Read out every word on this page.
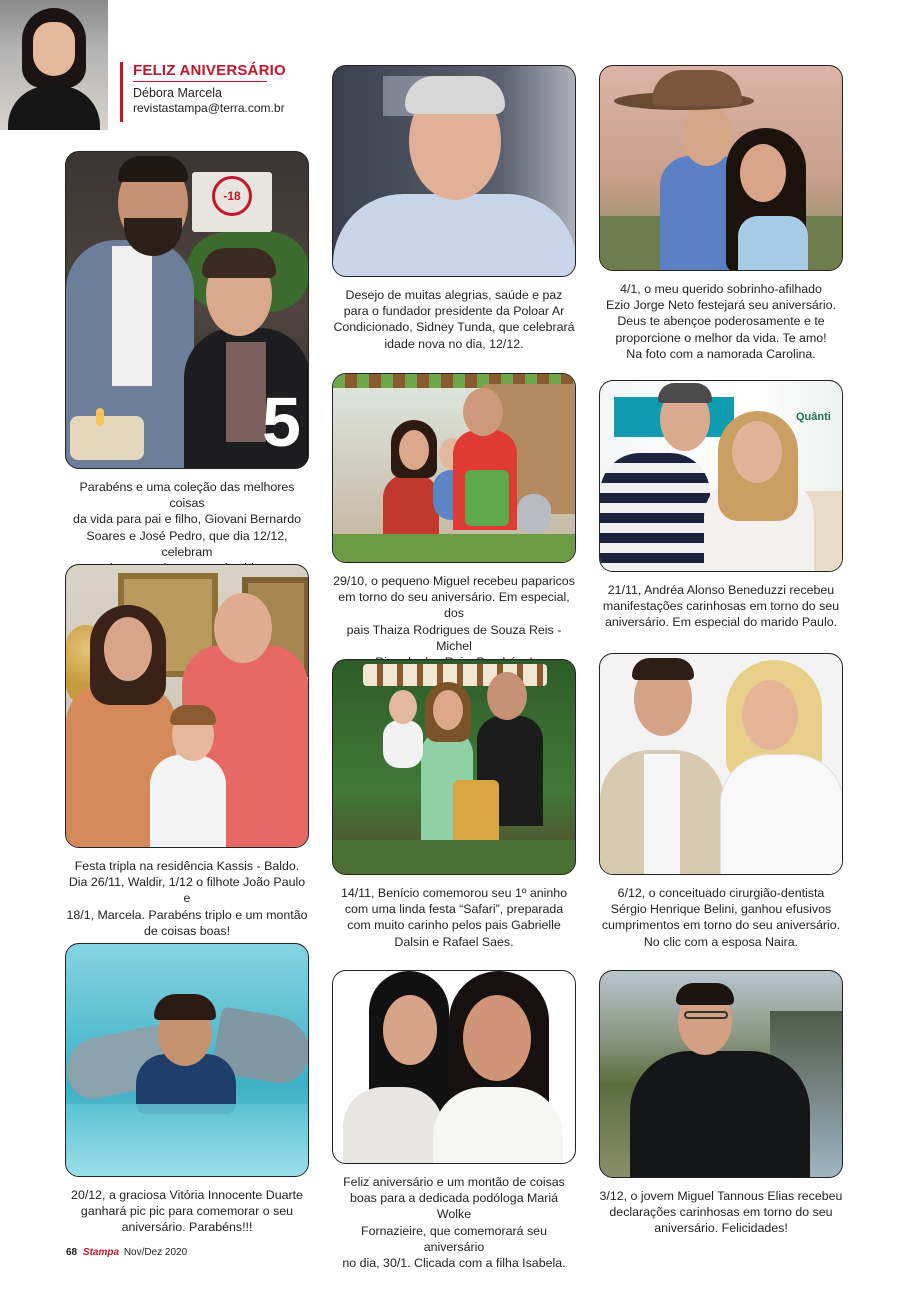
FELIZ ANIVERSÁRIO
Débora Marcela
revistastampa@terra.com.br
-18
5
Parabéns e uma coleção das melhores coisas
da vida para pai e filho, Giovani Bernardo
Soares e José Pedro, que dia 12/12, celebram

Festa tripla na residência Kassis - Baldo.
Dia 26/11, Waldir, 1/12 o filhote João Paulo e
18/1, Marcela. Parabéns triplo e um montão
de coisas boas!
20/12, a graciosa Vitória Innocente Duarte
ganhará pic pic para comemorar o seu
aniversário. Parabéns!!!
Desejo de muitas alegrias, saúde e paz
para o fundador presidente da Poloar Ar
Condicionado, Sidney Tunda, que celebrará
idade nova no dia, 12/12.
29/10, o pequeno Miguel recebeu paparicos
em torno do seu aniversário. Em especial, dos
pais Thaiza Rodrigues de Souza Reis - Michel

14/11, Benício comemorou seu 1º aninho
com uma linda festa “Safari”, preparada
com muito carinho pelos pais Gabrielle
Dalsin e Rafael Saes.
Feliz aniversário e um montão de coisas
boas para a dedicada podóloga Mariá Wolke
Fornazieire, que comemorará seu aniversário
no dia, 30/1. Clicada com a filha Isabela.
4/1, o meu querido sobrinho-afilhado
Ezio Jorge Neto festejará seu aniversário.
Deus te abençoe poderosamente e te
proporcione o melhor da vida. Te amo!
Na foto com a namorada Carolina.
Quânti
21/11, Andréa Alonso Beneduzzi recebeu
manifestações carinhosas em torno do seu
aniversário. Em especial do marido Paulo.
6/12, o conceituado cirurgião-dentista
Sérgio Henrique Belini, ganhou efusivos
cumprimentos em torno do seu aniversário.
No clic com a esposa Naira.
3/12, o jovem Miguel Tannous Elias recebeu
declarações carinhosas em torno do seu
aniversário. Felicidades!
68 Stampa Nov/Dez 2020
